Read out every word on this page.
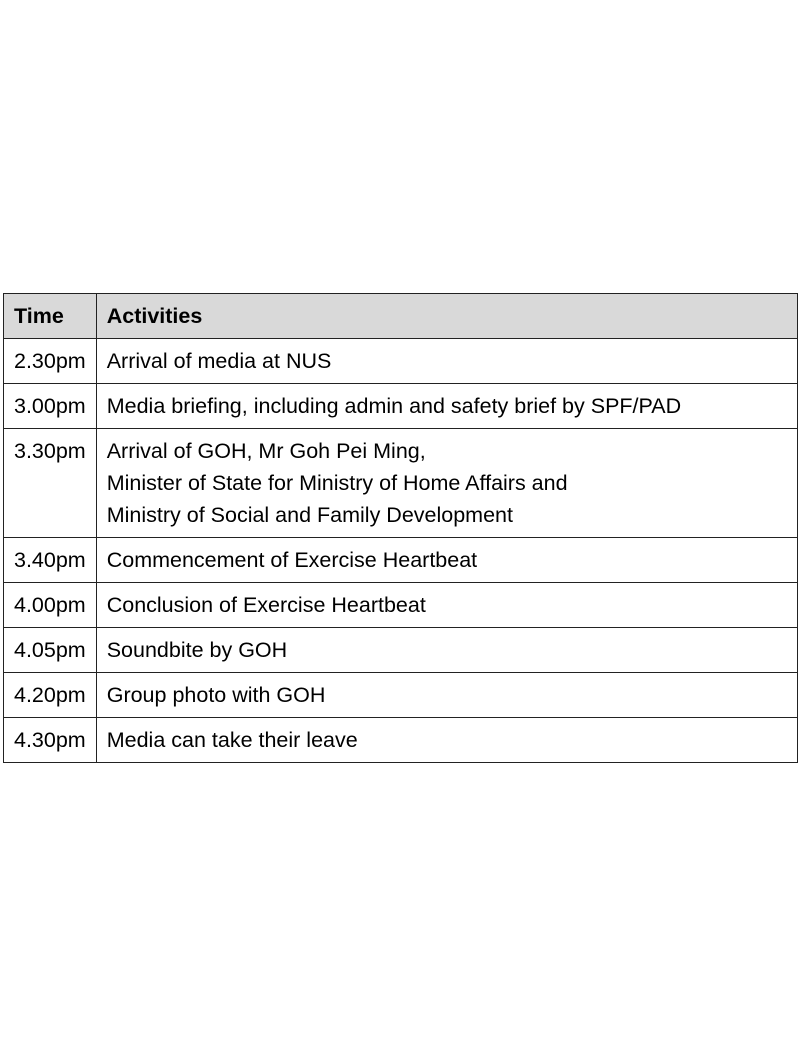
Time	Activities
2.30pm	Arrival of media at NUS

3.00pm	Media briefing, including admin and safety brief by SPF/PAD

3.30pm	Arrival of GOH, Mr Goh Pei Ming,
Minister of State for Ministry of Home Affairs and
Ministry of Social and Family Development

3.40pm	Commencement of Exercise Heartbeat

4.00pm	Conclusion of Exercise Heartbeat

4.05pm	Soundbite by GOH

4.20pm	Group photo with GOH

4.30pm	Media can take their leave
